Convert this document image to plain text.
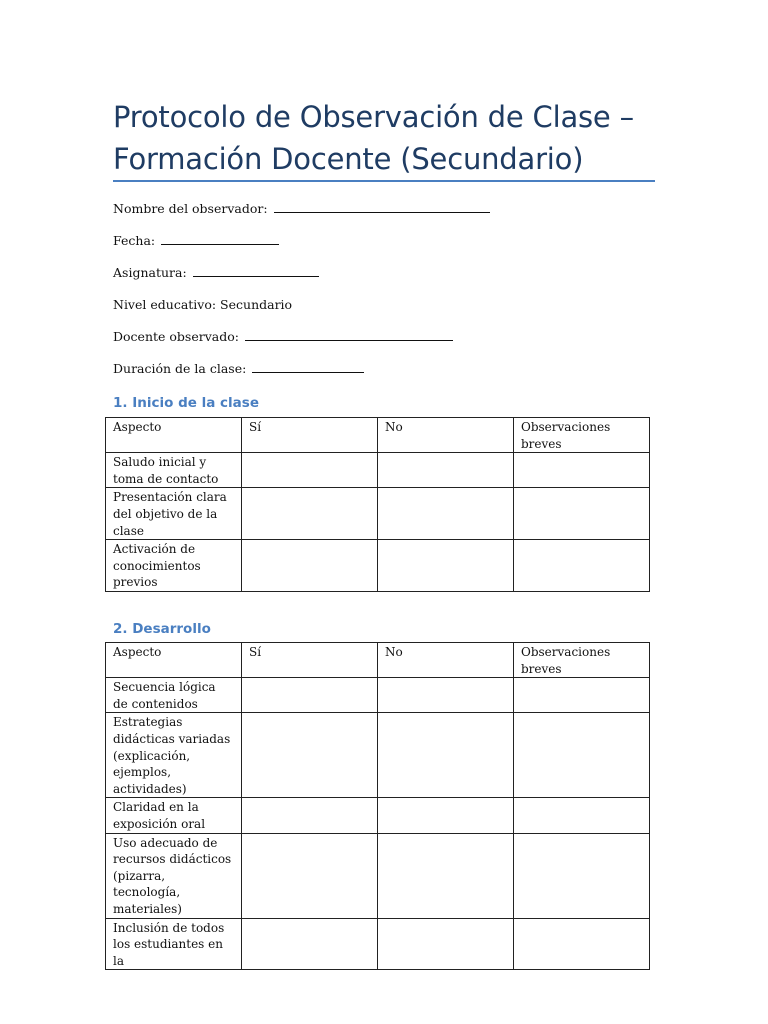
Protocolo de Observación de Clase –
Formación Docente (Secundario)
Nombre del observador:
Fecha:
Asignatura:
Nivel educativo: Secundario
Docente observado:
Duración de la clase:
1. Inicio de la clase
Aspecto	Sí	No	Observaciones breves
Saludo inicial y toma de contacto			
Presentación clara del objetivo de la clase			
Activación de conocimientos previos			
2. Desarrollo
Aspecto	Sí	No	Observaciones breves
Secuencia lógica de contenidos			
Estrategias didácticas variadas (explicación, ejemplos, actividades)			
Claridad en la exposición oral			
Uso adecuado de recursos didácticos (pizarra, tecnología, materiales)			
Inclusión de todos los estudiantes en la			
